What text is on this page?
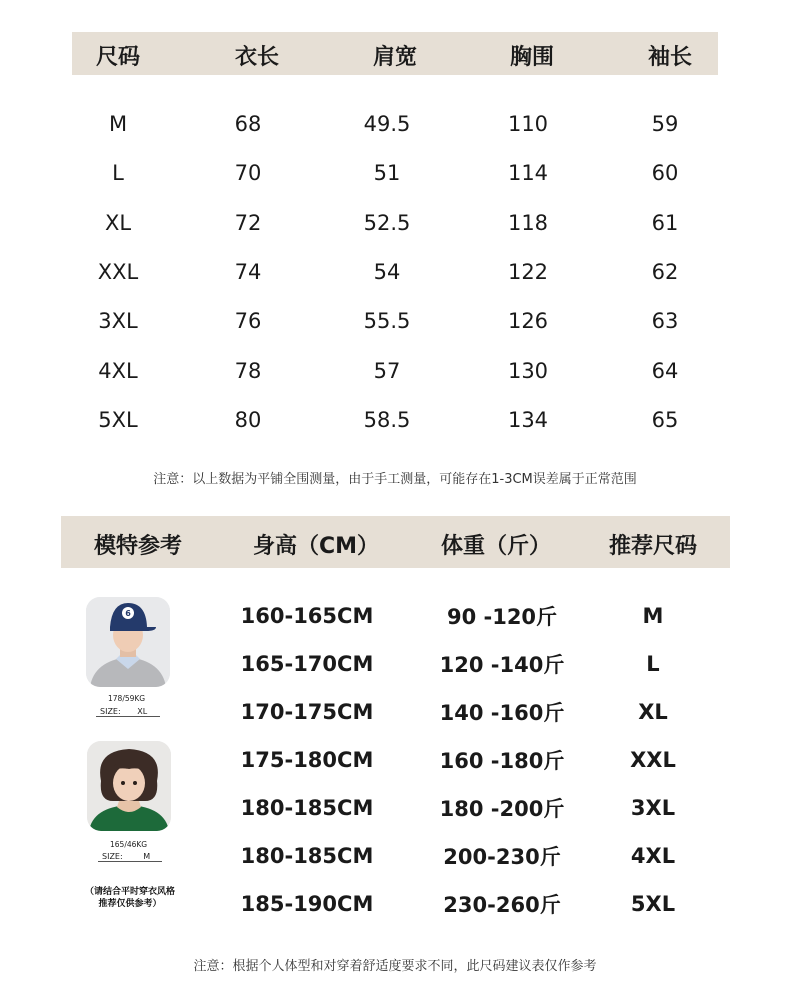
尺码	衣长	肩宽	胸围	袖长
M	68	49.5	110	59
L	70	51	114	60
XL	72	52.5	118	61
XXL	74	54	122	62
3XL	76	55.5	126	63
4XL	78	57	130	64
5XL	80	58.5	134	65
注意：以上数据为平铺全围测量，由于手工测量，可能存在1-3CM误差属于正常范围
模特参考	身高（CM）	体重（斤）	推荐尺码
160-165CM	90 -120斤	M
165-170CM	120 -140斤	L
170-175CM	140 -160斤	XL
175-180CM	160 -180斤	XXL
180-185CM	180 -200斤	3XL
180-185CM	200-230斤	4XL
185-190CM	230-260斤	5XL
6
178/59KG
SIZE: XL
165/46KG
SIZE:	M
（请结合平时穿衣风格
推荐仅供参考）
注意：根据个人体型和对穿着舒适度要求不同，此尺码建议表仅作参考
